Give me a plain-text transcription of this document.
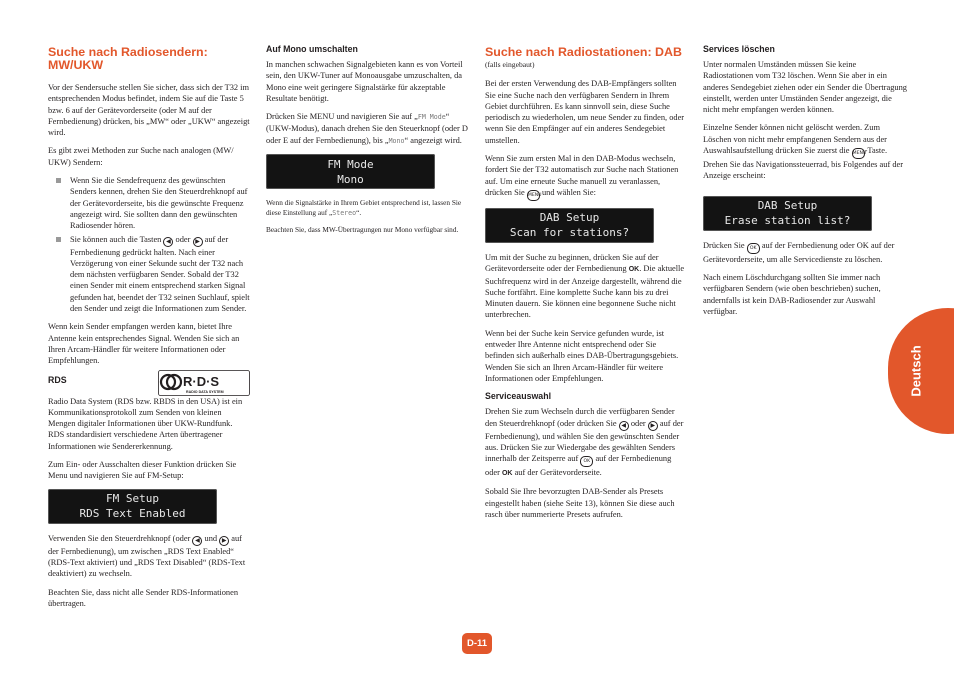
Suche nach Radiosendern: MW/UKW

Vor der Sendersuche stellen Sie sicher, dass sich der T32 im entsprechenden Modus befindet, indem Sie auf die Taste 5 bzw. 6 auf der Gerätevorderseite (oder M auf der Fernbedienung) drücken, bis „MW“ oder „UKW“ angezeigt wird.

Es gibt zwei Methoden zur Suche nach analogen (MW/ UKW) Sendern:

Wenn Sie die Sendefrequenz des gewünschten Senders kennen, drehen Sie den Steuerdrehknopf auf der Gerätevorderseite, bis die gewünschte Frequenz angezeigt wird. Sie sollten dann den gewünschten Radiosender hören.
Sie können auch die Tasten ◀ oder ▶ auf der Fernbedienung gedrückt halten. Nach einer Verzögerung von einer Sekunde sucht der T32 nach dem nächsten verfügbaren Sender. Sobald der T32 einen Sender mit einem entsprechend starken Signal gefunden hat, beendet der T32 seinen Suchlauf, spielt den Sender und zeigt die Informationen zum Sender.

Wenn kein Sender empfangen werden kann, bietet Ihre Antenne kein entsprechendes Signal. Wenden Sie sich an Ihren Arcam-Händler für weitere Informationen oder Empfehlungen.

RDS	R·D·S
RADIO DATA SYSTEM

Radio Data System (RDS bzw. RBDS in den USA) ist ein Kommunikationsprotokoll zum Senden von kleinen Mengen digitaler Informationen über UKW-Rundfunk. RDS standardisiert verschiedene Arten übertragener Informationen wie Sendererkennung.

Zum Ein- oder Ausschalten dieser Funktion drücken Sie Menu und navigieren Sie auf FM-Setup:

FM Setup
RDS Text Enabled

Verwenden Sie den Steuerdrehknopf (oder ◀ und ▶ auf der Fernbedienung), um zwischen „RDS Text Enabled“ (RDS-Text aktiviert) und „RDS Text Disabled“ (RDS-Text deaktiviert) zu wechseln.

Beachten Sie, dass nicht alle Sender RDS-Informationen übertragen.

Auf Mono umschalten

In manchen schwachen Signalgebieten kann es von Vorteil sein, den UKW-Tuner auf Monoausgabe umzuschalten, da Mono eine weit geringere Signalstärke für akzeptable Resultate benötigt.

Drücken Sie MENU und navigieren Sie auf „FM Mode“ (UKW-Modus), danach drehen Sie den Steuerknopf (oder D oder E auf der Fernbedienung), bis „Mono“ angezeigt wird.

FM Mode
Mono

Wenn die Signalstärke in Ihrem Gebiet entsprechend ist, lassen Sie diese Einstellung auf „Stereo“.

Beachten Sie, dass MW-Übertragungen nur Mono verfügbar sind.

Suche nach Radiostationen: DAB

(falls eingebaut)

Bei der ersten Verwendung des DAB-Empfängers sollten Sie eine Suche nach den verfügbaren Sendern in Ihrem Gebiet durchführen. Es kann sinnvoll sein, diese Suche periodisch zu wiederholen, um neue Sender zu finden, oder wenn Sie den Empfänger auf ein anderes Sendegebiet umstellen.

Wenn Sie zum ersten Mal in den DAB-Modus wechseln, fordert Sie der T32 automatisch zur Suche nach Stationen auf. Um eine erneute Suche manuell zu veranlassen, drücken Sie MENU und wählen Sie:

DAB Setup
Scan for stations?

Um mit der Suche zu beginnen, drücken Sie auf der Gerätevorderseite oder der Fernbedienung OK. Die aktuelle Suchfrequenz wird in der Anzeige dargestellt, während die Suche fortfährt. Eine komplette Suche kann bis zu drei Minuten dauern. Sie können eine begonnene Suche nicht unterbrechen.

Wenn bei der Suche kein Service gefunden wurde, ist entweder Ihre Antenne nicht entsprechend oder Sie befinden sich außerhalb eines DAB-Übertragungsgebiets. Wenden Sie sich an Ihren Arcam-Händler für weitere Informationen oder Empfehlungen.

Serviceauswahl

Drehen Sie zum Wechseln durch die verfügbaren Sender den Steuerdrehknopf (oder drücken Sie ◀ oder ▶ auf der Fernbedienung), und wählen Sie den gewünschten Sender aus. Drücken Sie zur Wiedergabe des gewählten Senders innerhalb der Zeitsperre auf OK auf der Fernbedienung oder OK auf der Gerätevorderseite.

Sobald Sie Ihre bevorzugten DAB-Sender als Presets eingestellt haben (siehe Seite 13), können Sie diese auch rasch über nummerierte Presets aufrufen.

Services löschen

Unter normalen Umständen müssen Sie keine Radiostationen vom T32 löschen. Wenn Sie aber in ein anderes Sendegebiet ziehen oder ein Sender die Übertragung einstellt, werden unter Umständen Sender angezeigt, die nicht mehr empfangen werden können.

Einzelne Sender können nicht gelöscht werden. Zum Löschen von nicht mehr empfangenen Sendern aus der Auswahlsaufstellung drücken Sie zuerst die MENU-Taste. Drehen Sie das Navigationssteuerrad, bis Folgendes auf der Anzeige erscheint:

DAB Setup
Erase station list?

Drücken Sie OK auf der Fernbedienung oder OK auf der Gerätevorderseite, um alle Servicedienste zu löschen.

Nach einem Löschdurchgang sollten Sie immer nach verfügbaren Sendern (wie oben beschrieben) suchen, andernfalls ist kein DAB-Radiosender zur Auswahl verfügbar.

Deutsch
D-11
